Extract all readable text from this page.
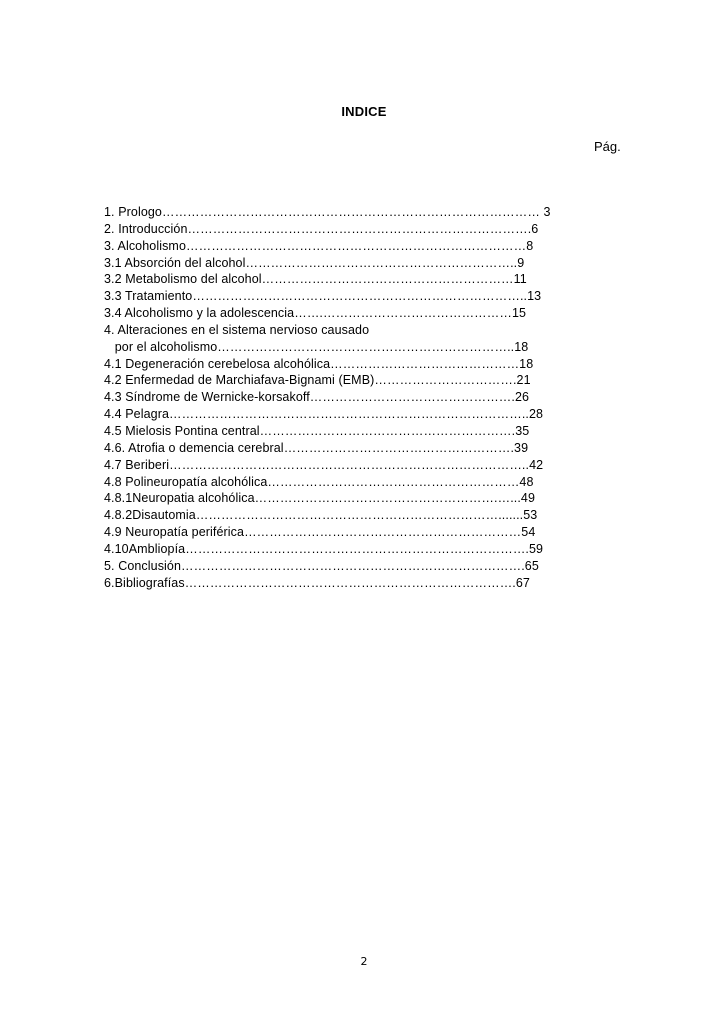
INDICE
Pág.
1. Prologo……………………………………………………………………………… 3
2. Introducción……………………………………………………………………….6
3. Alcoholismo………………………………………………………………………8
3.1 Absorción del alcohol………………………………………………………..9
3.2 Metabolismo del alcohol……………………………………………………11
3.3 Tratamiento……………………………………………………………………..13
3.4 Alcoholismo y la adolescencia…….………………………………………15
4. Alteraciones en el sistema nervioso causado
por el alcoholismo……………………………………………………………..18
4.1 Degeneración cerebelosa alcohólica………………………………………18
4.2 Enfermedad de Marchiafava-Bignami (EMB)…………………………….21
4.3 Síndrome de Wernicke-korsakoff………………………………………….26
4.4 Pelagra…………………………………………………………………………..28
4.5 Mielosis Pontina central…………………………………………………….35
4.6. Atrofia o demencia cerebral……………………………………………….39
4.7 Beriberi…………………………………………………………………………..42
4.8 Polineuropatía alcohólica……………………………………………………48
4.8.1Neuropatia alcohólica………………………………………………….…...49
4.8.2Disautomia……………………………………………………………….......53
4.9 Neuropatía periférica…………………………………………………………54
4.10Ambliopía……………………………………………………………………….59
5. Conclusión……………………………………………………………………….65
6.Bibliografías…………………………………………………………………….67
2
